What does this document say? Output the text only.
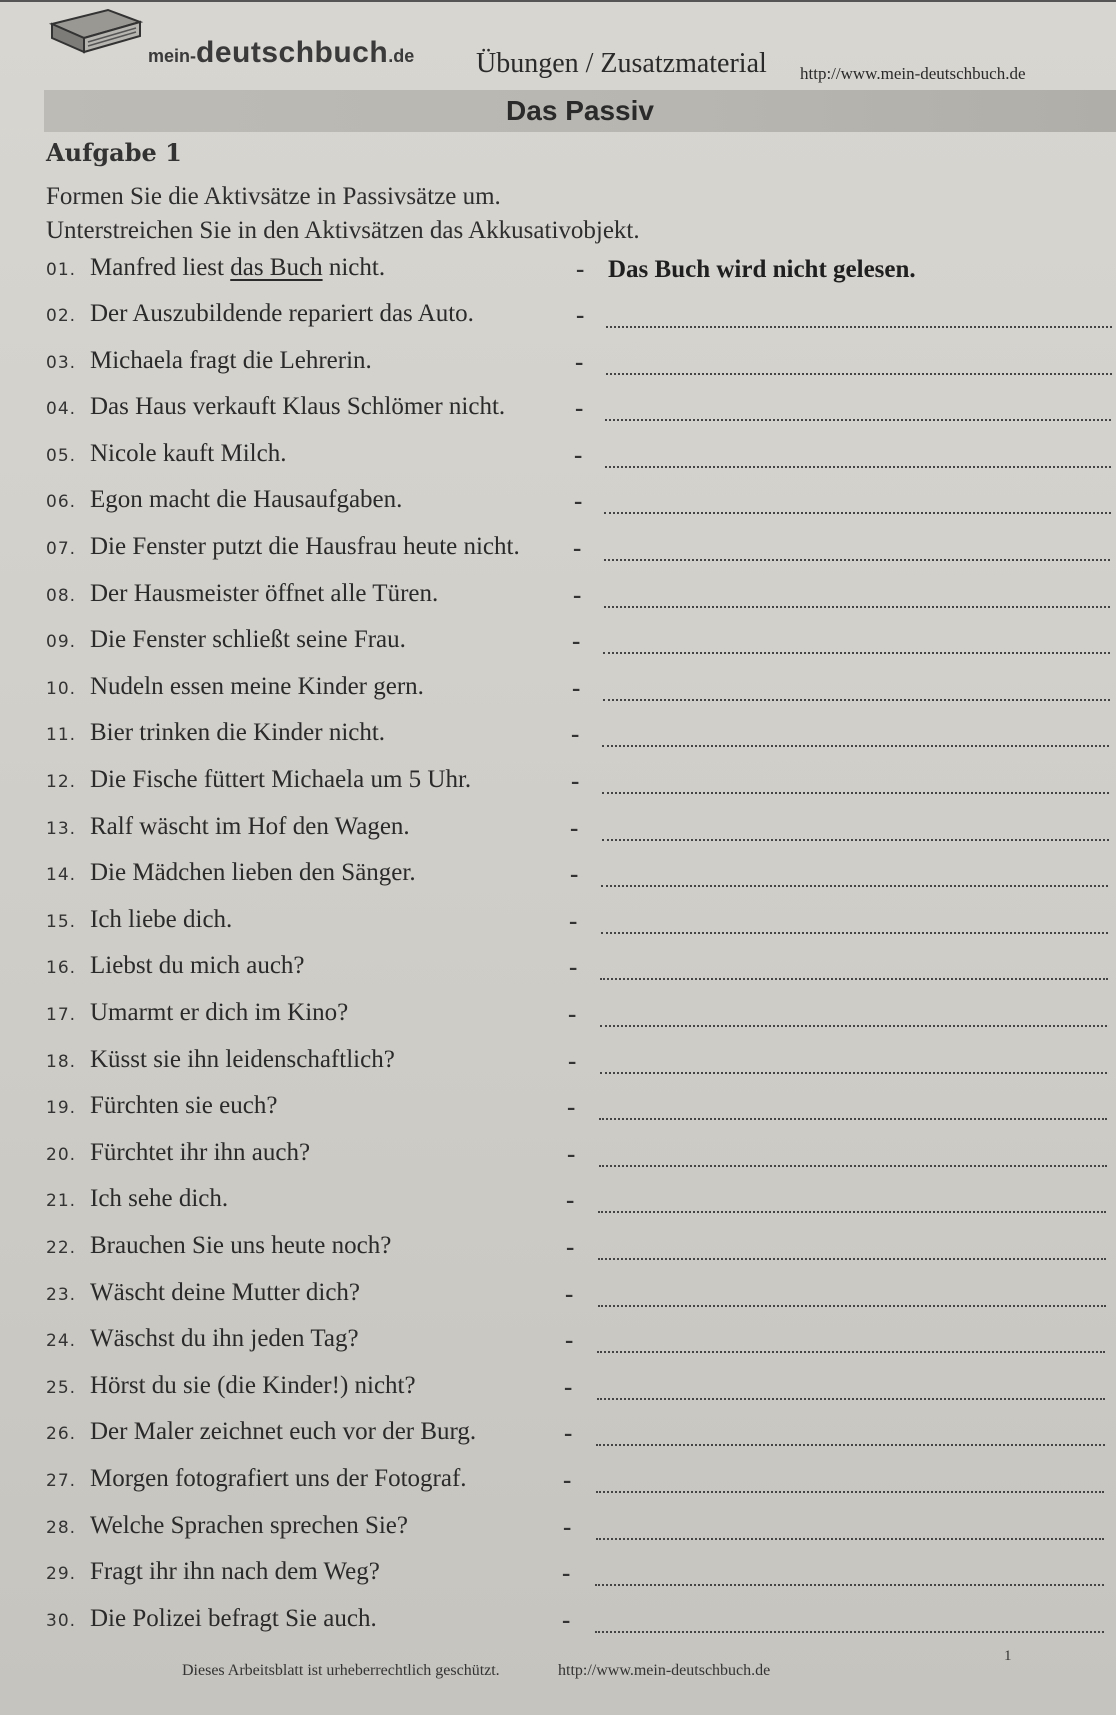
mein-deutschbuch.de Übungen / Zusatzmaterial http://www.mein-deutschbuch.de
Das Passiv
Aufgabe 1
Formen Sie die Aktivsätze in Passivsätze um.
Unterstreichen Sie in den Aktivsätzen das Akkusativobjekt.
01. Manfred liest das Buch nicht.	- Das Buch wird nicht gelesen.
02. Der Auszubildende repariert das Auto.	-
03. Michaela fragt die Lehrerin.	-
04. Das Haus verkauft Klaus Schlömer nicht.	-
05. Nicole kauft Milch.	-
06. Egon macht die Hausaufgaben.	-
07. Die Fenster putzt die Hausfrau heute nicht. -
08. Der Hausmeister öffnet alle Türen.	-
09. Die Fenster schließt seine Frau.	-
10. Nudeln essen meine Kinder gern.	-
11. Bier trinken die Kinder nicht.	-
12. Die Fische füttert Michaela um 5 Uhr.	-
13. Ralf wäscht im Hof den Wagen.	-
14. Die Mädchen lieben den Sänger.	-
15. Ich liebe dich.	-
16. Liebst du mich auch?	-
17. Umarmt er dich im Kino?	-
18. Küsst sie ihn leidenschaftlich?	-
19. Fürchten sie euch?	-
20. Fürchtet ihr ihn auch?	-
21. Ich sehe dich.	-
22. Brauchen Sie uns heute noch?	-
23. Wäscht deine Mutter dich?	-
24. Wäschst du ihn jeden Tag?	-
25. Hörst du sie (die Kinder!) nicht?	-
26. Der Maler zeichnet euch vor der Burg.	-
27. Morgen fotografiert uns der Fotograf.	-
28. Welche Sprachen sprechen Sie?	-
29. Fragt ihr ihn nach dem Weg?	-
30. Die Polizei befragt Sie auch.	-
Dieses Arbeitsblatt ist urheberrechtlich geschützt.	http://www.mein-deutschbuch.de
1
